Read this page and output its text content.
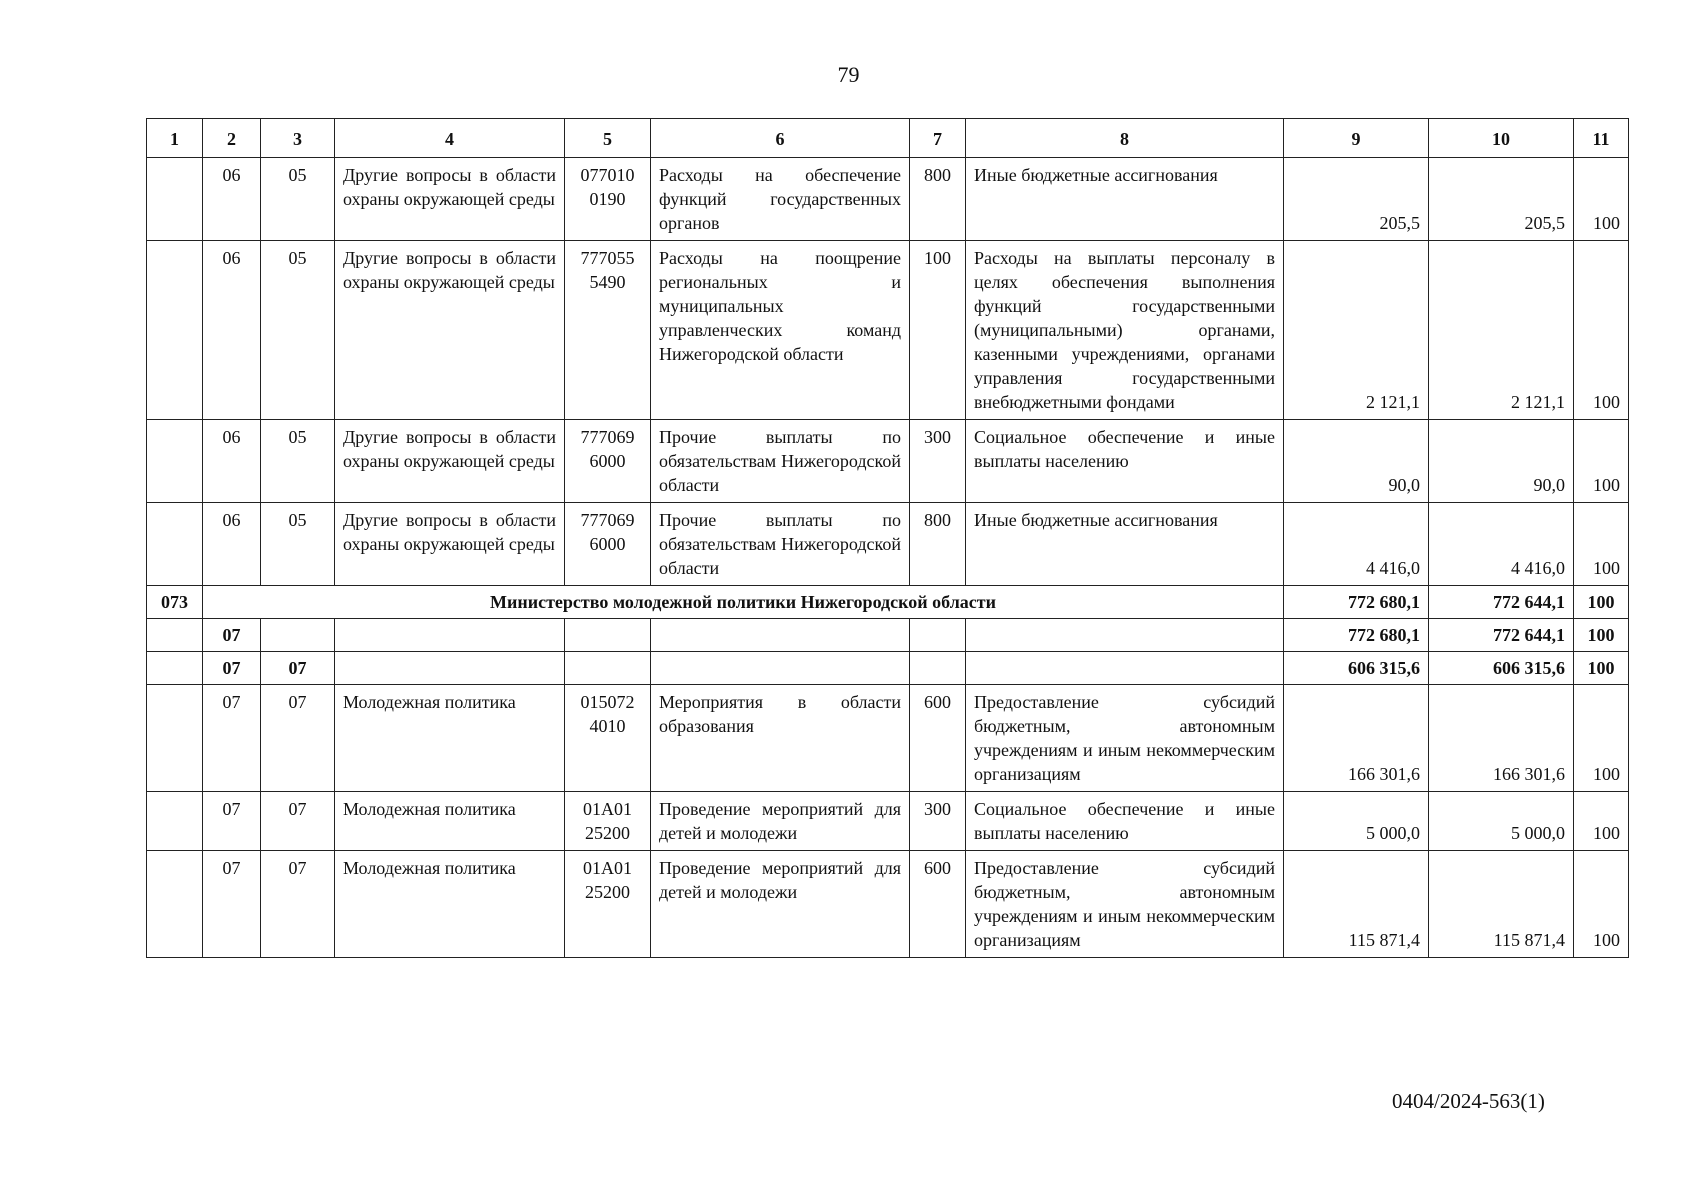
79
1	2	3	4	5	6	7	8	9	10	11
	06	05	Другие вопросы в области охраны окружающей среды	077010 0190	Расходы на обеспечение функций государственных органов	800	Иные бюджетные ассигнования	205,5	205,5	100
	06	05	Другие вопросы в области охраны окружающей среды	777055 5490	Расходы на поощрение региональных и муниципальных управленческих команд Нижегородской области	100	Расходы на выплаты персоналу в целях обеспечения выполнения функций государственными (муниципальными) органами, казенными учреждениями, органами управления государственными внебюджетными фондами	2 121,1	2 121,1	100
	06	05	Другие вопросы в области охраны окружающей среды	777069 6000	Прочие выплаты по обязательствам Нижегородской области	300	Социальное обеспечение и иные выплаты населению	90,0	90,0	100
	06	05	Другие вопросы в области охраны окружающей среды	777069 6000	Прочие выплаты по обязательствам Нижегородской области	800	Иные бюджетные ассигнования	4 416,0	4 416,0	100
073	Министерство молодежной политики Нижегородской области							772 680,1	772 644,1	100
	07							772 680,1	772 644,1	100
	07	07						606 315,6	606 315,6	100
	07	07	Молодежная политика	015072 4010	Мероприятия в области образования	600	Предоставление субсидий бюджетным, автономным учреждениям и иным некоммерческим организациям	166 301,6	166 301,6	100
	07	07	Молодежная политика	01А01 25200	Проведение мероприятий для детей и молодежи	300	Социальное обеспечение и иные выплаты населению	5 000,0	5 000,0	100
	07	07	Молодежная политика	01А01 25200	Проведение мероприятий для детей и молодежи	600	Предоставление субсидий бюджетным, автономным учреждениям и иным некоммерческим организациям	115 871,4	115 871,4	100
0404/2024-563(1)
